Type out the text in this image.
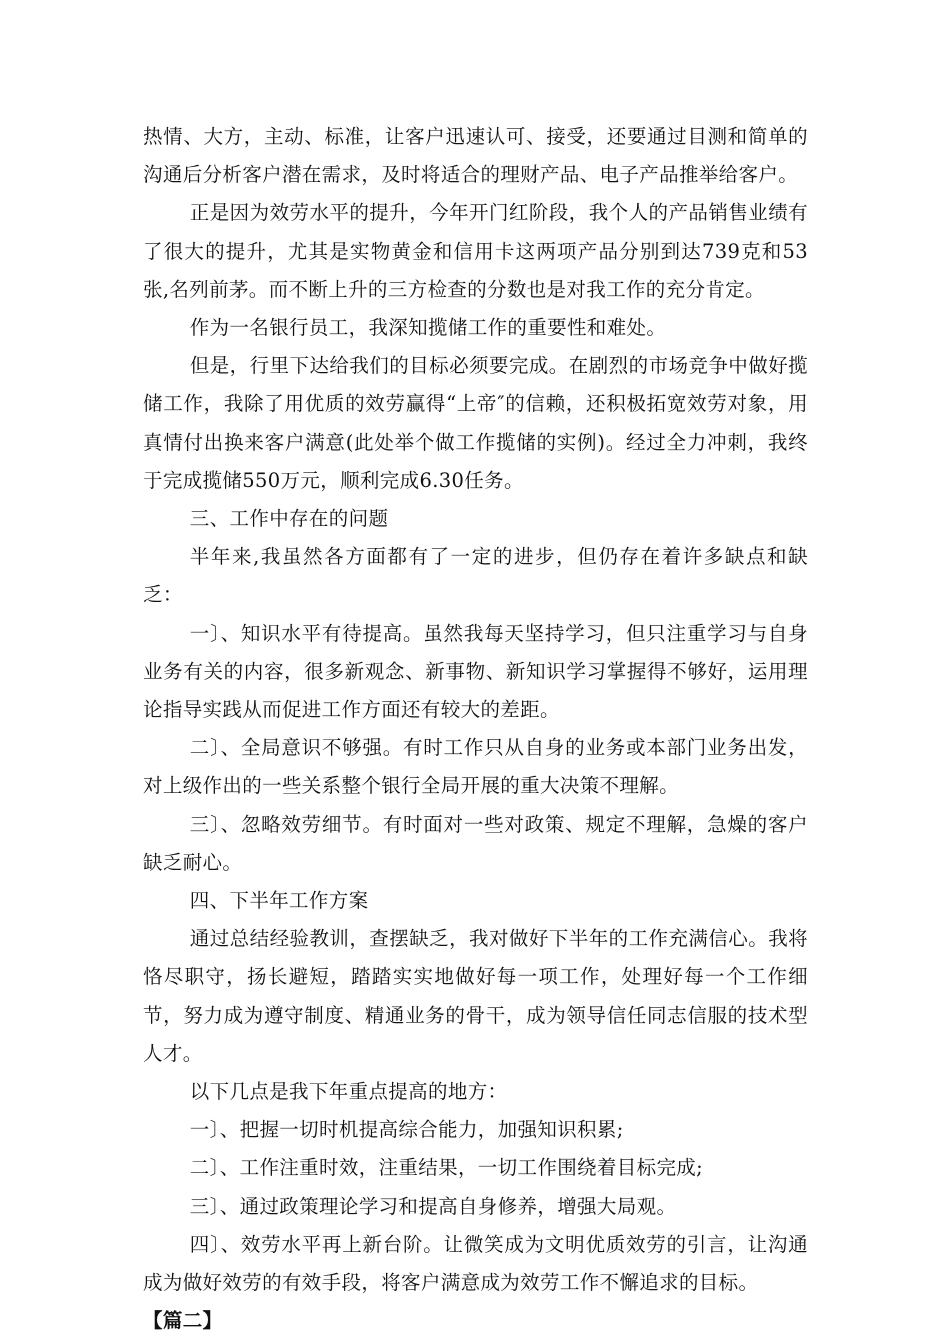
热情、大方，主动、标准，让客户迅速认可、接受，还要通过目测和简单的沟通后分析客户潜在需求，及时将适合的理财产品、电子产品推举给客户。

正是因为效劳水平的提升，今年开门红阶段，我个人的产品销售业绩有了很大的提升，尤其是实物黄金和信用卡这两项产品分别到达739克和53张,名列前茅。而不断上升的三方检查的分数也是对我工作的充分肯定。

作为一名银行员工，我深知揽储工作的重要性和难处。

但是，行里下达给我们的目标必须要完成。在剧烈的市场竞争中做好揽储工作，我除了用优质的效劳赢得“上帝″的信赖，还积极拓宽效劳对象，用真情付出换来客户满意(此处举个做工作揽储的实例)。经过全力冲刺，我终于完成揽储550万元，顺利完成6.30任务。

三、工作中存在的问题

半年来,我虽然各方面都有了一定的进步，但仍存在着许多缺点和缺乏：

一〕、知识水平有待提高。虽然我每天坚持学习，但只注重学习与自身业务有关的内容，很多新观念、新事物、新知识学习掌握得不够好，运用理论指导实践从而促进工作方面还有较大的差距。

二〕、全局意识不够强。有时工作只从自身的业务或本部门业务出发，对上级作出的一些关系整个银行全局开展的重大决策不理解。

三〕、忽略效劳细节。有时面对一些对政策、规定不理解，急燥的客户缺乏耐心。

四、下半年工作方案

通过总结经验教训，查摆缺乏，我对做好下半年的工作充满信心。我将恪尽职守，扬长避短，踏踏实实地做好每一项工作，处理好每一个工作细节，努力成为遵守制度、精通业务的骨干，成为领导信任同志信服的技术型人才。

以下几点是我下年重点提高的地方：

一〕、把握一切时机提高综合能力，加强知识积累;

二〕、工作注重时效，注重结果，一切工作围绕着目标完成;

三〕、通过政策理论学习和提高自身修养，增强大局观。

四〕、效劳水平再上新台阶。让微笑成为文明优质效劳的引言，让沟通成为做好效劳的有效手段，将客户满意成为效劳工作不懈追求的目标。

【篇二】
